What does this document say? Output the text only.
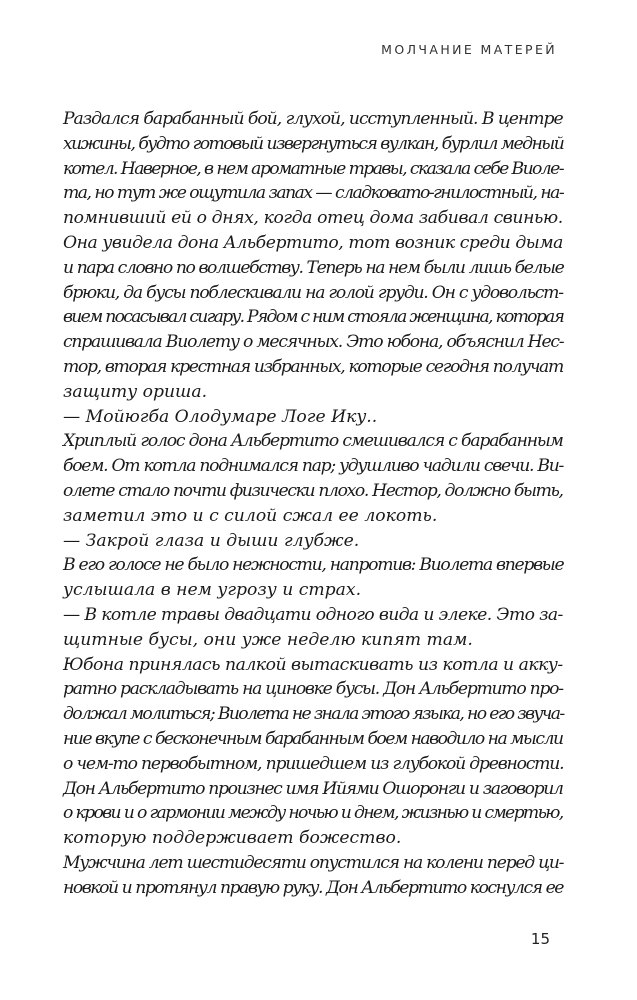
МОЛЧАНИЕ МАТЕРЕЙ

Раздался барабанный бой, глухой, исступленный. В центре
хижины, будто готовый извергнуться вулкан, бурлил медный
котел. Наверное, в нем ароматные травы, сказала себе Виоле-
та, но тут же ощутила запах — сладковато-гнилостный, на-
помнивший ей о днях, когда отец дома забивал свинью.

Она увидела дона Альбертито, тот возник среди дыма
и пара словно по волшебству. Теперь на нем были лишь белые
брюки, да бусы поблескивали на голой груди. Он с удовольст-
вием посасывал сигару. Рядом с ним стояла женщина, которая
спрашивала Виолету о месячных. Это юбона, объяснил Нес-
тор, вторая крестная избранных, которые сегодня получат
защиту ориша.

— Мойюгба Олодумаре Логе Ику..

Хриплый голос дона Альбертито смешивался с барабанным
боем. От котла поднимался пар; удушливо чадили свечи. Ви-
олете стало почти физически плохо. Нестор, должно быть,
заметил это и с силой сжал ее локоть.

— Закрой глаза и дыши глубже.

В его голосе не было нежности, напротив: Виолета впервые
услышала в нем угрозу и страх.

— В котле травы двадцати одного вида и элеке. Это за-
щитные бусы, они уже неделю кипят там.

Юбона принялась палкой вытаскивать из котла и акку-
ратно раскладывать на циновке бусы. Дон Альбертито про-
должал молиться; Виолета не знала этого языка, но его звуча-
ние вкупе с бесконечным барабанным боем наводило на мысли
о чем-то первобытном, пришедшем из глубокой древности.
Дон Альбертито произнес имя Ийями Ошоронги и заговорил
о крови и о гармонии между ночью и днем, жизнью и смертью,
которую поддерживает божество.

Мужчина лет шестидесяти опустился на колени перед ци-
новкой и протянул правую руку. Дон Альбертито коснулся ее

15
